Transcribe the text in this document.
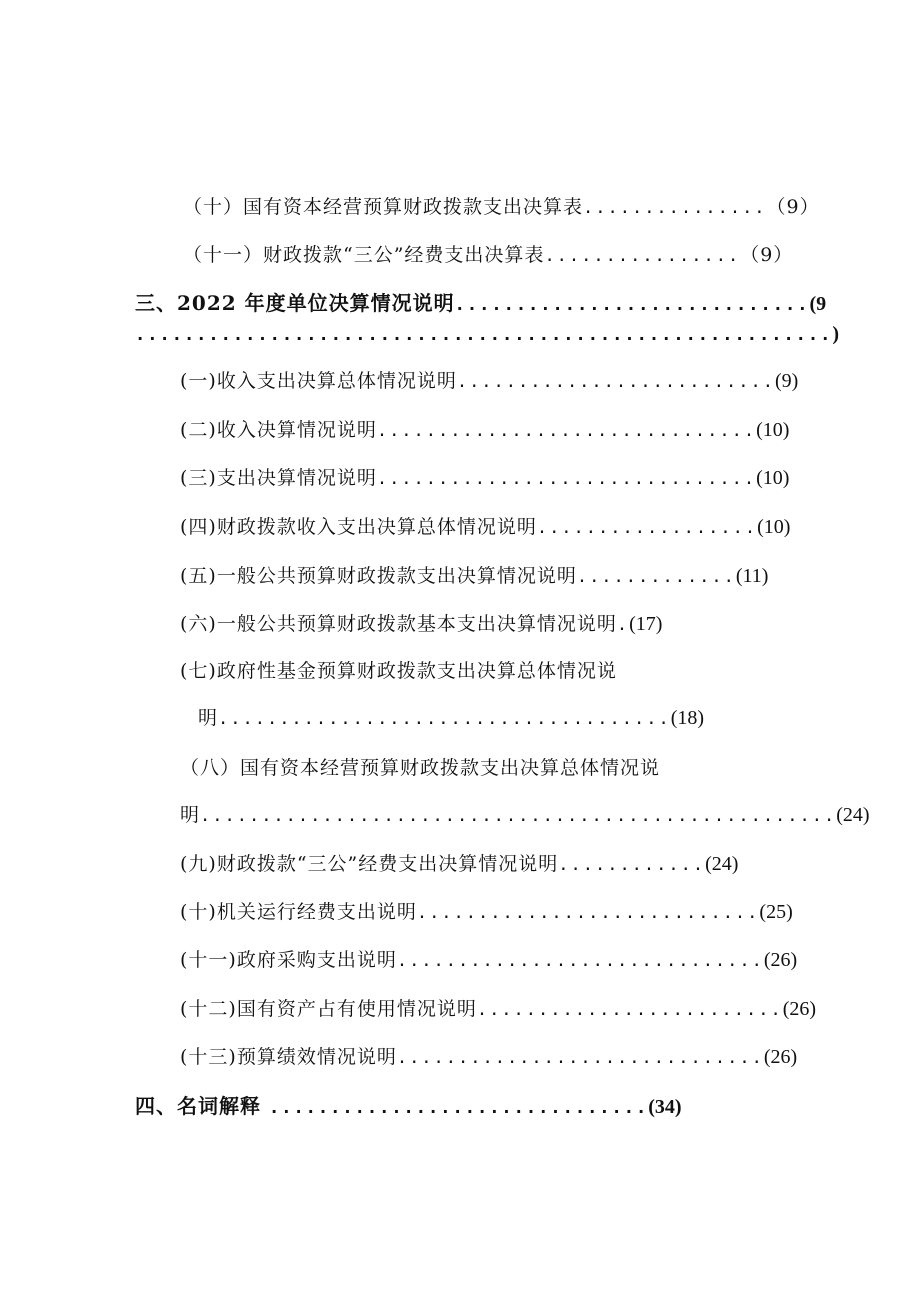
（十）国有资本经营预算财政拨款支出决算表...............（9）
（十一）财政拨款“三公”经费支出决算表................（9）
三、2022 年度单位决算情况说明.............................(9
.........................................................)
(一)收入支出决算总体情况说明..........................(9)
(二)收入决算情况说明...............................(10)
(三)支出决算情况说明...............................(10)
(四)财政拨款收入支出决算总体情况说明..................(10)
(五)一般公共预算财政拨款支出决算情况说明.............(11)
(六)一般公共预算财政拨款基本支出决算情况说明.(17)
(七)政府性基金预算财政拨款支出决算总体情况说
明.....................................(18)
（八）国有资本经营预算财政拨款支出决算总体情况说
明....................................................(24)
(九)财政拨款“三公”经费支出决算情况说明............(24)
(十)机关运行经费支出说明............................(25)
(十一)政府采购支出说明..............................(26)
(十二)国有资产占有使用情况说明.........................(26)
(十三)预算绩效情况说明..............................(26)
四、名词解释 ...............................(34)
